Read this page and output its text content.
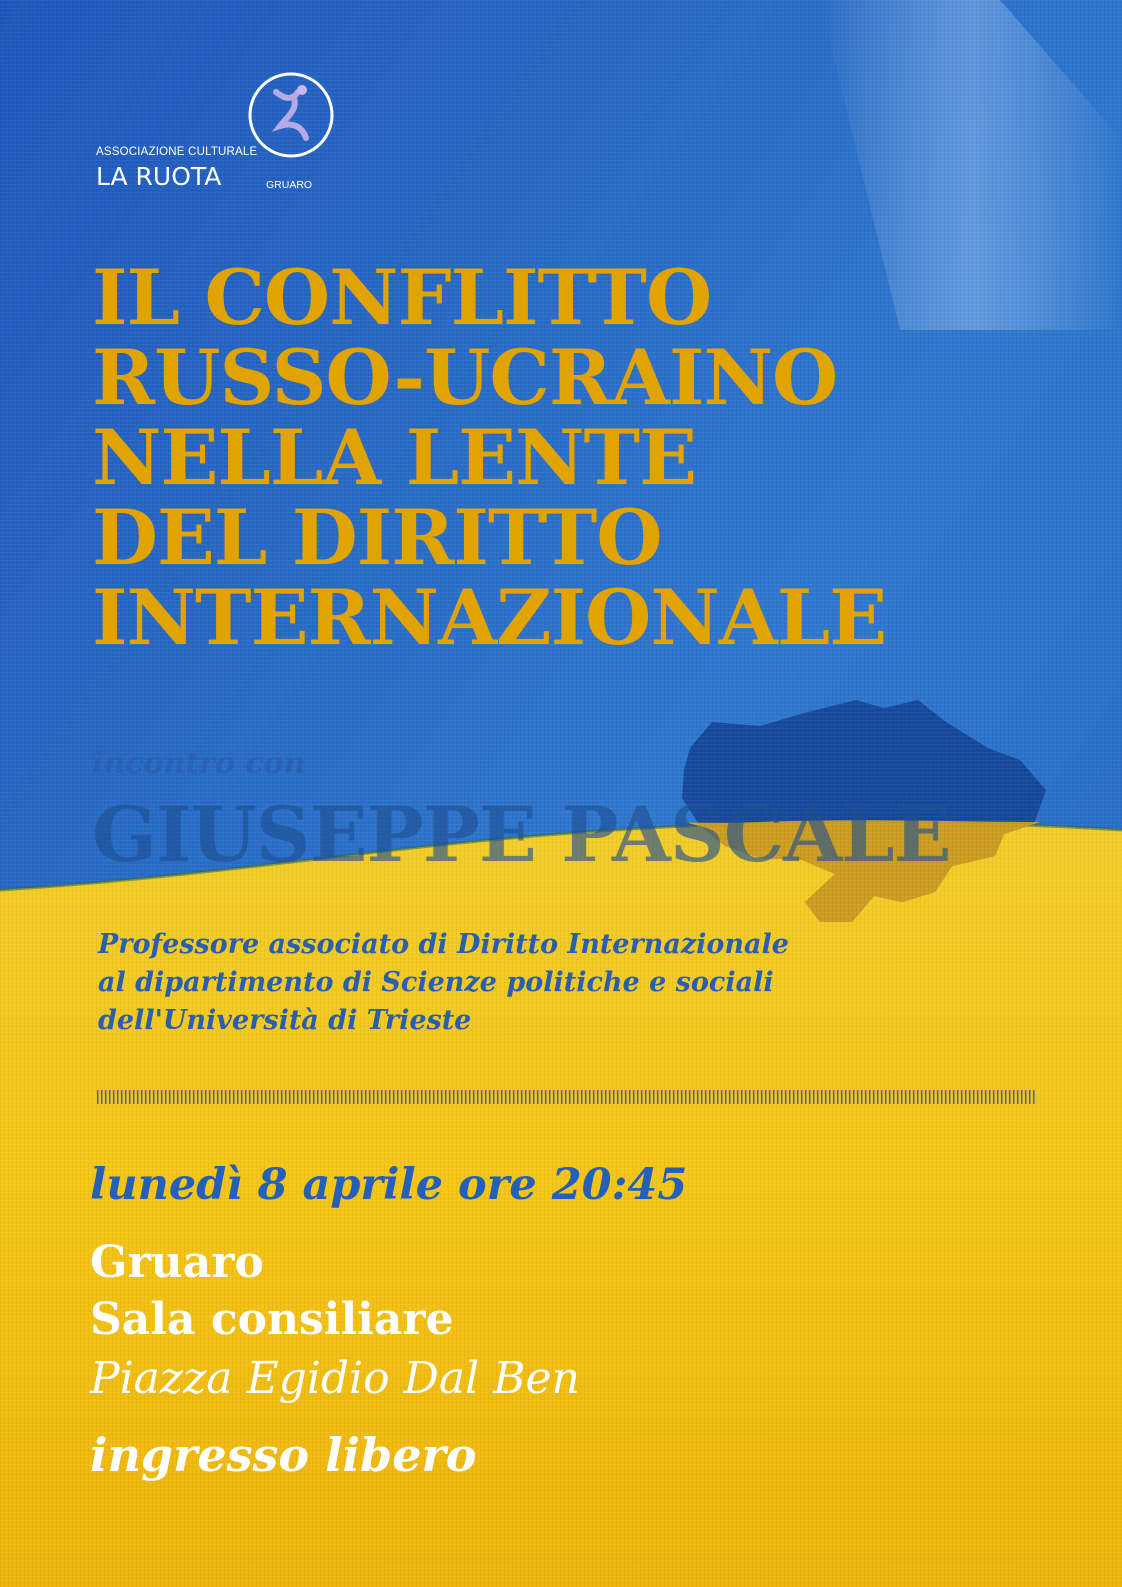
ASSOCIAZIONE CULTURALE
LA RUOTA	GRUARO
IL CONFLITTO
RUSSO-UCRAINO
NELLA LENTE
DEL DIRITTO
INTERNAZIONALE
incontro con
GIUSEPPE PASCALE
Professore associato di Diritto Internazionale
al dipartimento di Scienze politiche e sociali
dell'Università di Trieste
lunedì 8 aprile ore 20:45
Gruaro
Sala consiliare
Piazza Egidio Dal Ben
ingresso libero
